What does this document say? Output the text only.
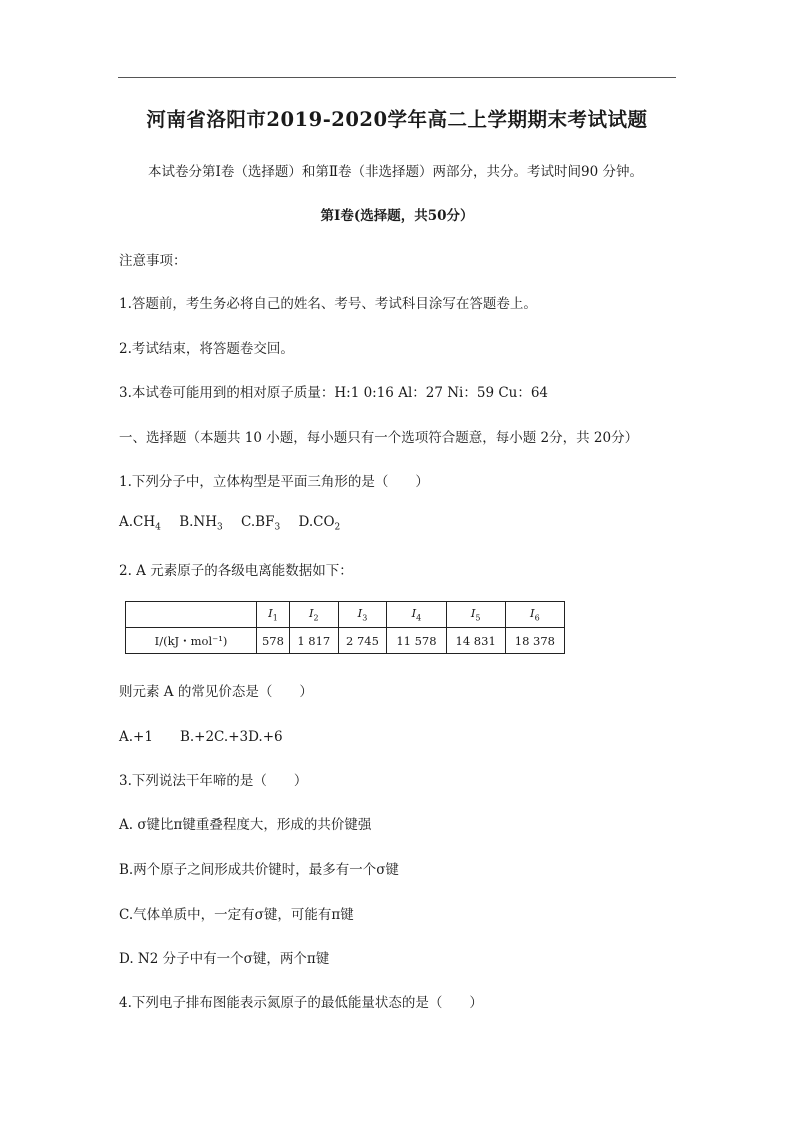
河南省洛阳市2019-2020学年高二上学期期末考试试题
本试卷分第Ⅰ卷（选择题）和第Ⅱ卷（非选择题）两部分，共分。考试时间90 分钟。
第Ⅰ卷(选择题，共50分）
注意事项：
1.答题前，考生务必将自己的姓名、考号、考试科目涂写在答题卷上。
2.考试结束，将答题卷交回。
3.本试卷可能用到的相对原子质量：H:1 0:16 Al：27 Ni：59 Cu：64
一、选择题（本题共 10 小题，每小题只有一个选项符合题意，每小题 2分，共 20分）
1.下列分子中，立体构型是平面三角形的是（　　）
$A.CH_4$ $B.NH_3$ $C.BF_3$ $D.CO_2$
2. A 元素原子的各级电离能数据如下：
	$I_1$	$I_2$	$I_3$	$I_4$	$I_5$	$I_6$
I/(kJ・mol⁻¹)	578	1 817	2 745	11 578	14 831	18 378
则元素 A 的常见价态是（　　）
A.+1　　B.+2C.+3D.+6
3.下列说法干年啼的是（　　）
A. σ键比π键重叠程度大，形成的共价键强
B.两个原子之间形成共价键时，最多有一个σ键
C.气体单质中，一定有σ键，可能有π键
D. N2 分子中有一个σ键，两个π键
4.下列电子排布图能表示氮原子的最低能量状态的是（　　）
